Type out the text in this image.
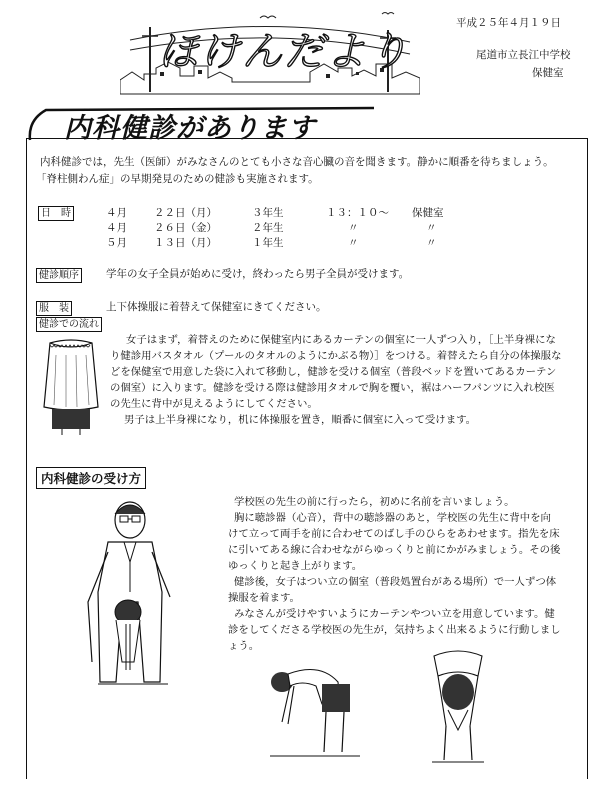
ほけんだより
平成２５年４月１９日
尾道市立長江中学校
保健室
内科健診があります
内科健診では，先生（医師）がみなさんのとても小さな音心臓の音を聞きます。静かに順番を待ちましょう。
「脊柱側わん症」の早期発見のための健診も実施されます。
日　時	４月	２２日（月）	３年生	１３：１０～	保健室
４月	２６日（金）	２年生	〃	〃
５月	１３日（月）	１年生	〃	〃
健診順序	学年の女子全員が始めに受け，終わったら男子全員が受けます。
服　装	上下体操服に着替えて保健室にきてください。
健診での流れ
女子はまず，着替えのために保健室内にあるカーテンの個室に一人ずつ入り，［上半身裸にな
り健診用バスタオル（プールのタオルのようにかぶる物）］をつける。着替えたら自分の体操服な
どを保健室で用意した袋に入れて移動し，健診を受ける個室（普段ベッドを置いてあるカーテン
の個室）に入ります。健診を受ける際は健診用タオルで胸を覆い，裾はハーフパンツに入れ校医
の先生に背中が見えるようにしてください。
男子は上半身裸になり，机に体操服を置き，順番に個室に入って受けます。
内科健診の受け方
学校医の先生の前に行ったら，初めに名前を言いましょう。
胸に聴診器（心音），背中の聴診器のあと，学校医の先生に背中を向
けて立って両手を前に合わせてのばし手のひらをあわせます。指先を床
に引いてある線に合わせながらゆっくりと前にかがみましょう。その後
ゆっくりと起き上がります。
健診後，女子はつい立の個室（普段処置台がある場所）で一人ずつ体
操服を着ます。
みなさんが受けやすいようにカーテンやつい立を用意しています。健
診をしてくださる学校医の先生が，気持ちよく出来るように行動しまし
ょう。
